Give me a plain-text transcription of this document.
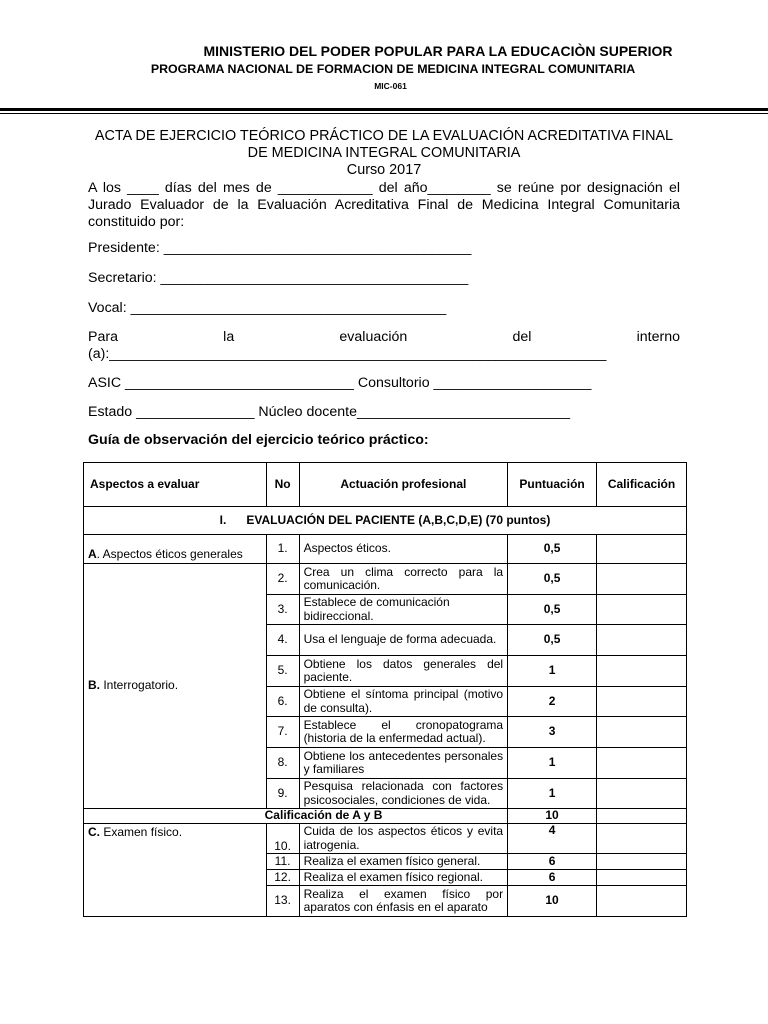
MINISTERIO DEL PODER POPULAR PARA LA EDUCACIÒN SUPERIOR
PROGRAMA NACIONAL DE FORMACION DE MEDICINA INTEGRAL COMUNITARIA
MIC-061
ACTA DE EJERCICIO TEÓRICO PRÁCTICO DE LA EVALUACIÓN ACREDITATIVA FINAL
DE MEDICINA INTEGRAL COMUNITARIA
Curso 2017
A los ____ días del mes de ____________ del año________ se reúne por designación el Jurado Evaluador de la Evaluación Acreditativa Final de Medicina Integral Comunitaria constituido por:
Presidente: _______________________________________
Secretario: _______________________________________
Vocal: ________________________________________
Para	la	evaluación	del	interno
(a):_______________________________________________________________
ASIC _____________________________ Consultorio ____________________
Estado _______________ Núcleo docente___________________________
Guía de observación del ejercicio teórico práctico:
Aspectos a evaluar	No	Actuación profesional	Puntuación	Calificación
I. EVALUACIÓN DEL PACIENTE (A,B,C,D,E) (70 puntos)				
A. Aspectos éticos generales	1.	Aspectos éticos.	0,5	
B. Interrogatorio.	2.	Crea un clima correcto para la comunicación.	0,5	
	3.	Establece de comunicación bidireccional.	0,5	
	4.	Usa el lenguaje de forma adecuada.	0,5	
	5.	Obtiene los datos generales del paciente.	1	
	6.	Obtiene el síntoma principal (motivo de consulta).	2	
	7.	Establece el cronopatograma (historia de la enfermedad actual).	3	
	8.	Obtiene los antecedentes personales y familiares	1	
	9.	Pesquisa relacionada con factores psicosociales, condiciones de vida.	1	
Calificación de A y B			10	
C. Examen físico.	10.	Cuida de los aspectos éticos y evita iatrogenia.	4	
	11.	Realiza el examen físico general.	6	
	12.	Realiza el examen físico regional.	6	
	13.	Realiza el examen físico por aparatos con énfasis en el aparato	10	
